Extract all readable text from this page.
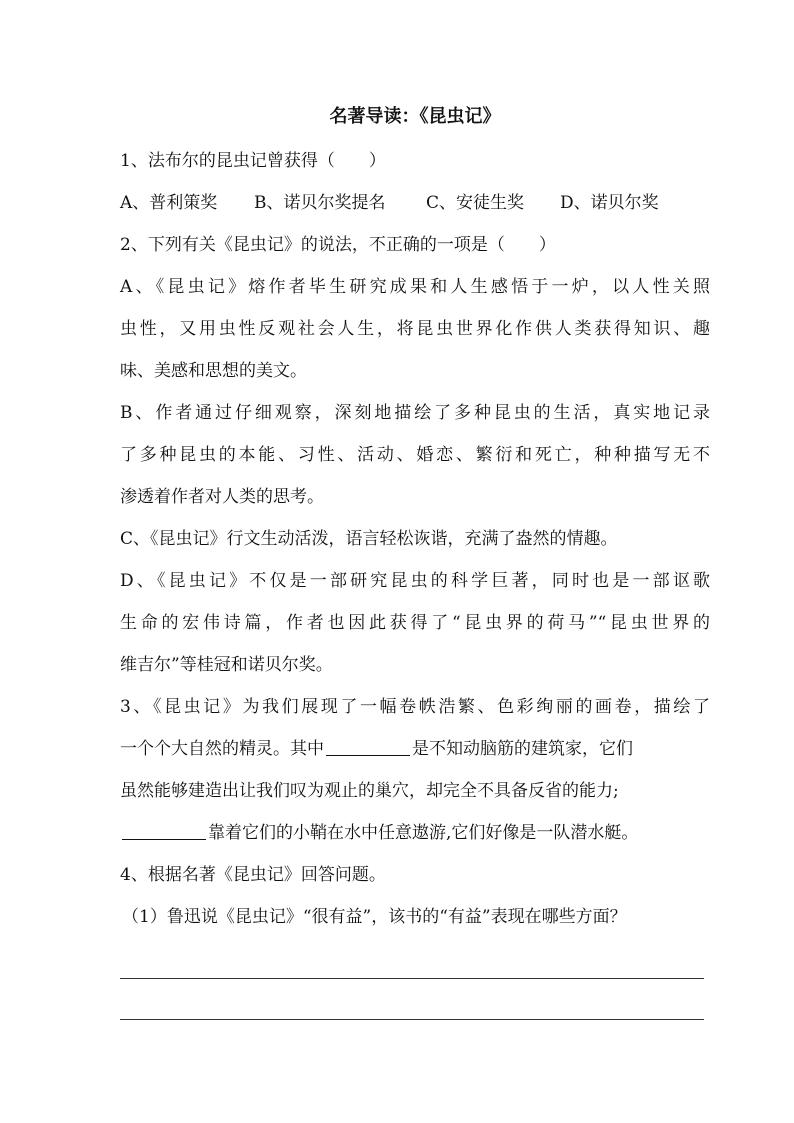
名著导读：《昆虫记》
1、法布尔的昆虫记曾获得（　　）
A、普利策奖 B、诺贝尔奖提名 C、安徒生奖 D、诺贝尔奖
2、下列有关《昆虫记》的说法，不正确的一项是（　　）
A、《昆虫记》熔作者毕生研究成果和人生感悟于一炉，以人性关照
虫性，又用虫性反观社会人生，将昆虫世界化作供人类获得知识、趣
味、美感和思想的美文。
B、作者通过仔细观察，深刻地描绘了多种昆虫的生活，真实地记录
了多种昆虫的本能、习性、活动、婚恋、繁衍和死亡，种种描写无不
渗透着作者对人类的思考。
C、《昆虫记》行文生动活泼，语言轻松诙谐，充满了盎然的情趣。
D、《昆虫记》不仅是一部研究昆虫的科学巨著，同时也是一部讴歌
生命的宏伟诗篇，作者也因此获得了“昆虫界的荷马”“昆虫世界的
维吉尔”等桂冠和诺贝尔奖。
3、《昆虫记》为我们展现了一幅卷帙浩繁、色彩绚丽的画卷，描绘了
一个个大自然的精灵。其中	是不知动脑筋的建筑家，它们
虽然能够建造出让我们叹为观止的巢穴，却完全不具备反省的能力;
靠着它们的小鞘在水中任意遨游,它们好像是一队潜水艇。
4、根据名著《昆虫记》回答问题。
（1）鲁迅说《昆虫记》“很有益”，该书的“有益”表现在哪些方面？
